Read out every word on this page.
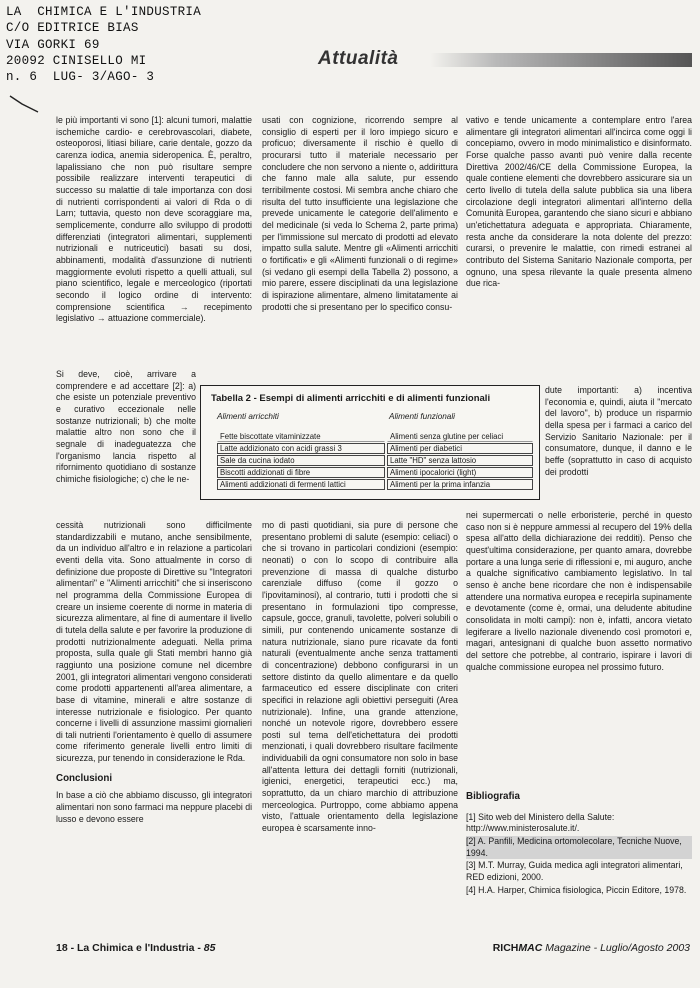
LA  CHIMICA E L'INDUSTRIA
C/O EDITRICE BIAS
VIA GORKI 69
20092 CINISELLO MI
n. 6  LUG- 3/AGO- 3
Attualità

le più importanti vi sono [1]: alcuni tumori, malattie ischemiche cardio- e cerebrovascolari, diabete, osteoporosi, litiasi biliare, carie dentale, gozzo da carenza iodica, anemia sideropenica. È, peraltro, lapalissiano che non può risultare sempre possibile realizzare interventi terapeutici di successo su malattie di tale importanza con dosi di nutrienti corrispondenti ai valori di Rda o di Larn; tuttavia, questo non deve scoraggiare ma, semplicemente, condurre allo sviluppo di prodotti differenziati (integratori alimentari, supplementi nutrizionali e nutriceutici) basati su dosi, abbinamenti, modalità d'assunzione di nutrienti maggiormente evoluti rispetto a quelli attuali, sul piano scientifico, legale e merceologico (riportati secondo il logico ordine di intervento: comprensione scientifica → recepimento legislativo → attuazione commerciale).

Si deve, cioè, arrivare a comprendere e ad accettare [2]: a) che esiste un potenziale preventivo e curativo eccezionale nelle sostanze nutrizionali; b) che molte malattie altro non sono che il segnale di inadeguatezza che l'organismo lancia rispetto al rifornimento quotidiano di sostanze chimiche fisiologiche; c) che le ne-

cessità nutrizionali sono difficilmente standardizzabili e mutano, anche sensibilmente, da un individuo all'altro e in relazione a particolari eventi della vita. Sono attualmente in corso di definizione due proposte di Direttive su "Integratori alimentari" e "Alimenti arricchiti" che si inseriscono nel programma della Commissione Europea di creare un insieme coerente di norme in materia di sicurezza alimentare, al fine di aumentare il livello di tutela della salute e per favorire la produzione di prodotti nutrizionalmente adeguati. Nella prima proposta, sulla quale gli Stati membri hanno già raggiunto una posizione comune nel dicembre 2001, gli integratori alimentari vengono considerati come prodotti appartenenti all'area alimentare, a base di vitamine, minerali e altre sostanze di interesse nutrizionale e fisiologico. Per quanto concerne i livelli di assunzione massimi giornalieri di tali nutrienti l'orientamento è quello di assumere come riferimento generale livelli entro limiti di sicurezza, pur tenendo in considerazione le Rda.

Conclusioni

In base a ciò che abbiamo discusso, gli integratori alimentari non sono farmaci ma neppure placebi di lusso e devono essere

usati con cognizione, ricorrendo sempre al consiglio di esperti per il loro impiego sicuro e proficuo; diversamente il rischio è quello di procurarsi tutto il materiale necessario per concludere che non servono a niente o, addirittura che fanno male alla salute, pur essendo terribilmente costosi. Mi sembra anche chiaro che risulta del tutto insufficiente una legislazione che prevede unicamente le categorie dell'alimento e del medicinale (si veda lo Schema 2, parte prima) per l'immissione sul mercato di prodotti ad elevato impatto sulla salute. Mentre gli «Alimenti arricchiti o fortificati» e gli «Alimenti funzionali o di regime» (si vedano gli esempi della Tabella 2) possono, a mio parere, essere disciplinati da una legislazione di ispirazione alimentare, almeno limitatamente ai prodotti che si presentano per lo specifico consu-

mo di pasti quotidiani, sia pure di persone che presentano problemi di salute (esempio: celiaci) o che si trovano in particolari condizioni (esempio: neonati) o con lo scopo di contribuire alla prevenzione di massa di qualche disturbo carenziale diffuso (come il gozzo o l'ipovitaminosi), al contrario, tutti i prodotti che si presentano in formulazioni tipo compresse, capsule, gocce, granuli, tavolette, polveri solubili o simili, pur contenendo unicamente sostanze di natura nutrizionale, siano pure ricavate da fonti naturali (eventualmente anche senza trattamenti di concentrazione) debbono configurarsi in un settore distinto da quello alimentare e da quello farmaceutico ed essere disciplinate con criteri specifici in relazione agli obiettivi perseguiti (Area nutrizionale). Infine, una grande attenzione, nonché un notevole rigore, dovrebbero essere posti sul tema dell'etichettatura dei prodotti menzionati, i quali dovrebbero risultare facilmente individuabili da ogni consumatore non solo in base all'attenta lettura dei dettagli forniti (nutrizionali, igienici, energetici, terapeutici ecc.) ma, soprattutto, da un chiaro marchio di attribuzione merceologica. Purtroppo, come abbiamo appena visto, l'attuale orientamento della legislazione europea è scarsamente inno-

vativo e tende unicamente a contemplare entro l'area alimentare gli integratori alimentari all'incirca come oggi li concepiamo, ovvero in modo minimalistico e disinformato. Forse qualche passo avanti può venire dalla recente Direttiva 2002/46/CE della Commissione Europea, la quale contiene elementi che dovrebbero assicurare sia un certo livello di tutela della salute pubblica sia una libera circolazione degli integratori alimentari all'interno della Comunità Europea, garantendo che siano sicuri e abbiano un'etichettatura adeguata e appropriata. Chiaramente, resta anche da considerare la nota dolente del prezzo: curarsi, o prevenire le malattie, con rimedi estranei al contributo del Sistema Sanitario Nazionale comporta, per ognuno, una spesa rilevante la quale presenta almeno due rica-

dute importanti: a) incentiva l'economia e, quindi, aiuta il "mercato del lavoro", b) produce un risparmio della spesa per i farmaci a carico del Servizio Sanitario Nazionale: per il consumatore, dunque, il danno e le beffe (soprattutto in caso di acquisto dei prodotti

nei supermercati o nelle erboristerie, perché in questo caso non si è neppure ammessi al recupero del 19% della spesa all'atto della dichiarazione dei redditi). Penso che quest'ultima considerazione, per quanto amara, dovrebbe portare a una lunga serie di riflessioni e, mi auguro, anche a qualche significativo cambiamento legislativo. In tal senso è anche bene ricordare che non è indispensabile attendere una normativa europea e recepirla supinamente e devotamente (come è, ormai, una deludente abitudine consolidata in molti campi): non è, infatti, ancora vietato legiferare a livello nazionale divenendo così promotori e, magari, antesignani di qualche buon assetto normativo del settore che potrebbe, al contrario, ispirare i lavori di qualche commissione europea nel prossimo futuro.

Tabella 2 - Esempi di alimenti arricchiti e di alimenti funzionali
Alimenti arricchiti	Alimenti funzionali
Fette biscottate vitaminizzate	Alimenti senza glutine per celiaci
Latte addizionato con acidi grassi 3	Alimenti per diabetici
Sale da cucina iodato	Latte "HD" senza lattosio
Biscotti addizionati di fibre	Alimenti ipocalorici (light)
Alimenti addizionati di fermenti lattici	Alimenti per la prima infanzia
Bibliografia
[1] Sito web del Ministero della Salute: http://www.ministerosalute.it/.
[2] A. Panfili, Medicina ortomolecolare, Tecniche Nuove, 1994.
[3] M.T. Murray, Guida medica agli integratori alimentari, RED edizioni, 2000.
[4] H.A. Harper, Chimica fisiologica, Piccin Editore, 1978.
18 - La Chimica e l'Industria - 85	RICHMAC Magazine - Luglio/Agosto 2003
